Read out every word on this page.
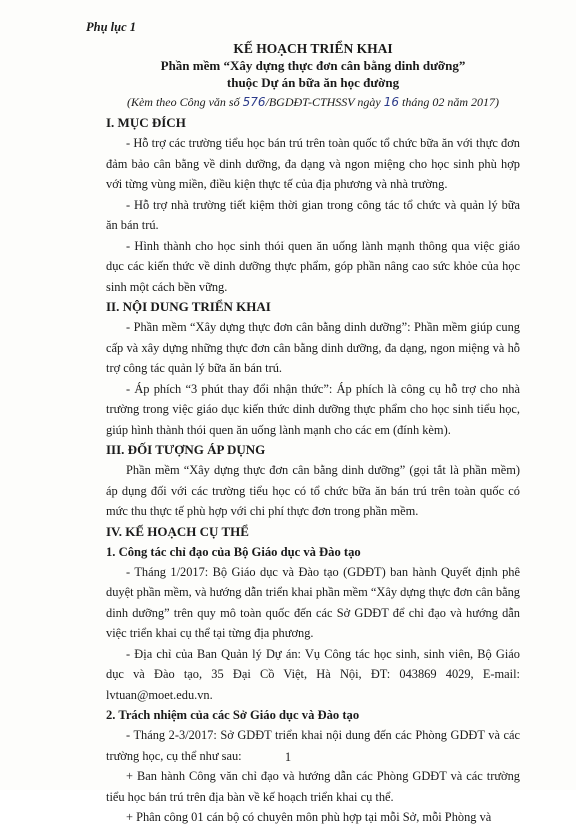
Phụ lục 1
KẾ HOẠCH TRIỂN KHAI
Phần mềm “Xây dựng thực đơn cân bằng dinh dưỡng”
thuộc Dự án bữa ăn học đường
(Kèm theo Công văn số 576/BGDĐT-CTHSSV ngày 16 tháng 02 năm 2017)
I. MỤC ĐÍCH
- Hỗ trợ các trường tiểu học bán trú trên toàn quốc tổ chức bữa ăn với thực đơn đảm bảo cân bằng về dinh dưỡng, đa dạng và ngon miệng cho học sinh phù hợp với từng vùng miền, điều kiện thực tế của địa phương và nhà trường.
- Hỗ trợ nhà trường tiết kiệm thời gian trong công tác tổ chức và quản lý bữa ăn bán trú.
- Hình thành cho học sinh thói quen ăn uống lành mạnh thông qua việc giáo dục các kiến thức về dinh dưỡng thực phẩm, góp phần nâng cao sức khỏe của học sinh một cách bền vững.
II. NỘI DUNG TRIỂN KHAI
- Phần mềm “Xây dựng thực đơn cân bằng dinh dưỡng”: Phần mềm giúp cung cấp và xây dựng những thực đơn cân bằng dinh dưỡng, đa dạng, ngon miệng và hỗ trợ công tác quản lý bữa ăn bán trú.
- Áp phích “3 phút thay đổi nhận thức”: Áp phích là công cụ hỗ trợ cho nhà trường trong việc giáo dục kiến thức dinh dưỡng thực phẩm cho học sinh tiểu học, giúp hình thành thói quen ăn uống lành mạnh cho các em (đính kèm).
III. ĐỐI TƯỢNG ÁP DỤNG
Phần mềm “Xây dựng thực đơn cân bằng dinh dưỡng” (gọi tắt là phần mềm) áp dụng đối với các trường tiểu học có tổ chức bữa ăn bán trú trên toàn quốc có mức thu thực tế phù hợp với chi phí thực đơn trong phần mềm.
IV. KẾ HOẠCH CỤ THỂ
1. Công tác chỉ đạo của Bộ Giáo dục và Đào tạo
- Tháng 1/2017: Bộ Giáo dục và Đào tạo (GDĐT) ban hành Quyết định phê duyệt phần mềm, và hướng dẫn triển khai phần mềm “Xây dựng thực đơn cân bằng dinh dưỡng” trên quy mô toàn quốc đến các Sở GDĐT để chỉ đạo và hướng dẫn việc triển khai cụ thể tại từng địa phương.
- Địa chỉ của Ban Quản lý Dự án: Vụ Công tác học sinh, sinh viên, Bộ Giáo dục và Đào tạo, 35 Đại Cồ Việt, Hà Nội, ĐT: 043869 4029, E-mail: lvtuan@moet.edu.vn.
2. Trách nhiệm của các Sở Giáo dục và Đào tạo
- Tháng 2-3/2017: Sở GDĐT triển khai nội dung đến các Phòng GDĐT và các trường học, cụ thể như sau:
+ Ban hành Công văn chỉ đạo và hướng dẫn các Phòng GDĐT và các trường tiểu học bán trú trên địa bàn về kế hoạch triển khai cụ thể.
+ Phân công 01 cán bộ có chuyên môn phù hợp tại mỗi Sở, mỗi Phòng và
1
